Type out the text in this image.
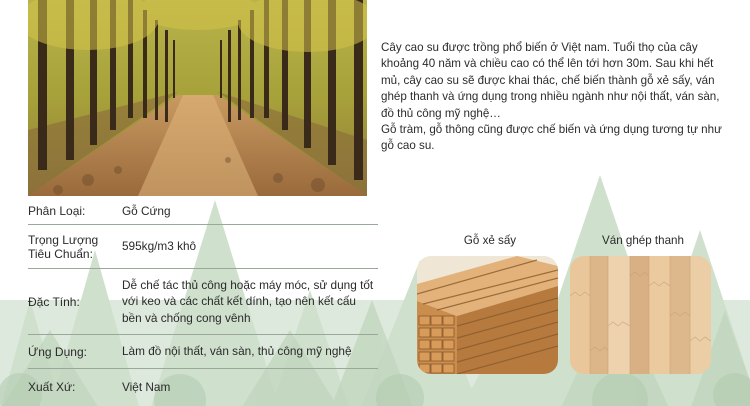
Cây cao su được trồng phổ biến ở Việt nam. Tuổi thọ của cây khoảng 40 năm và chiều cao có thể lên tới hơn 30m. Sau khi hết mủ, cây cao su sẽ được khai thác, chế biến thành gỗ xẻ sấy, ván ghép thanh và ứng dụng trong nhiều ngành như nội thất, ván sàn, đồ thủ công mỹ nghệ…

Gỗ tràm, gỗ thông cũng được chế biến và ứng dụng tương tự như gỗ cao su.

Phân Loại:	Gỗ Cứng
Trọng Lượng Tiêu Chuẩn:
595kg/m3 khô
Đặc Tính:
Dễ chế tác thủ công hoặc máy móc, sử dụng tốt với keo và các chất kết dính, tạo nên kết cấu bền và chống cong vênh
Ứng Dụng:	Làm đồ nội thất, ván sàn, thủ công mỹ nghệ
Xuất Xứ:	Việt Nam
Gỗ xẻ sấy	Ván ghép thanh
